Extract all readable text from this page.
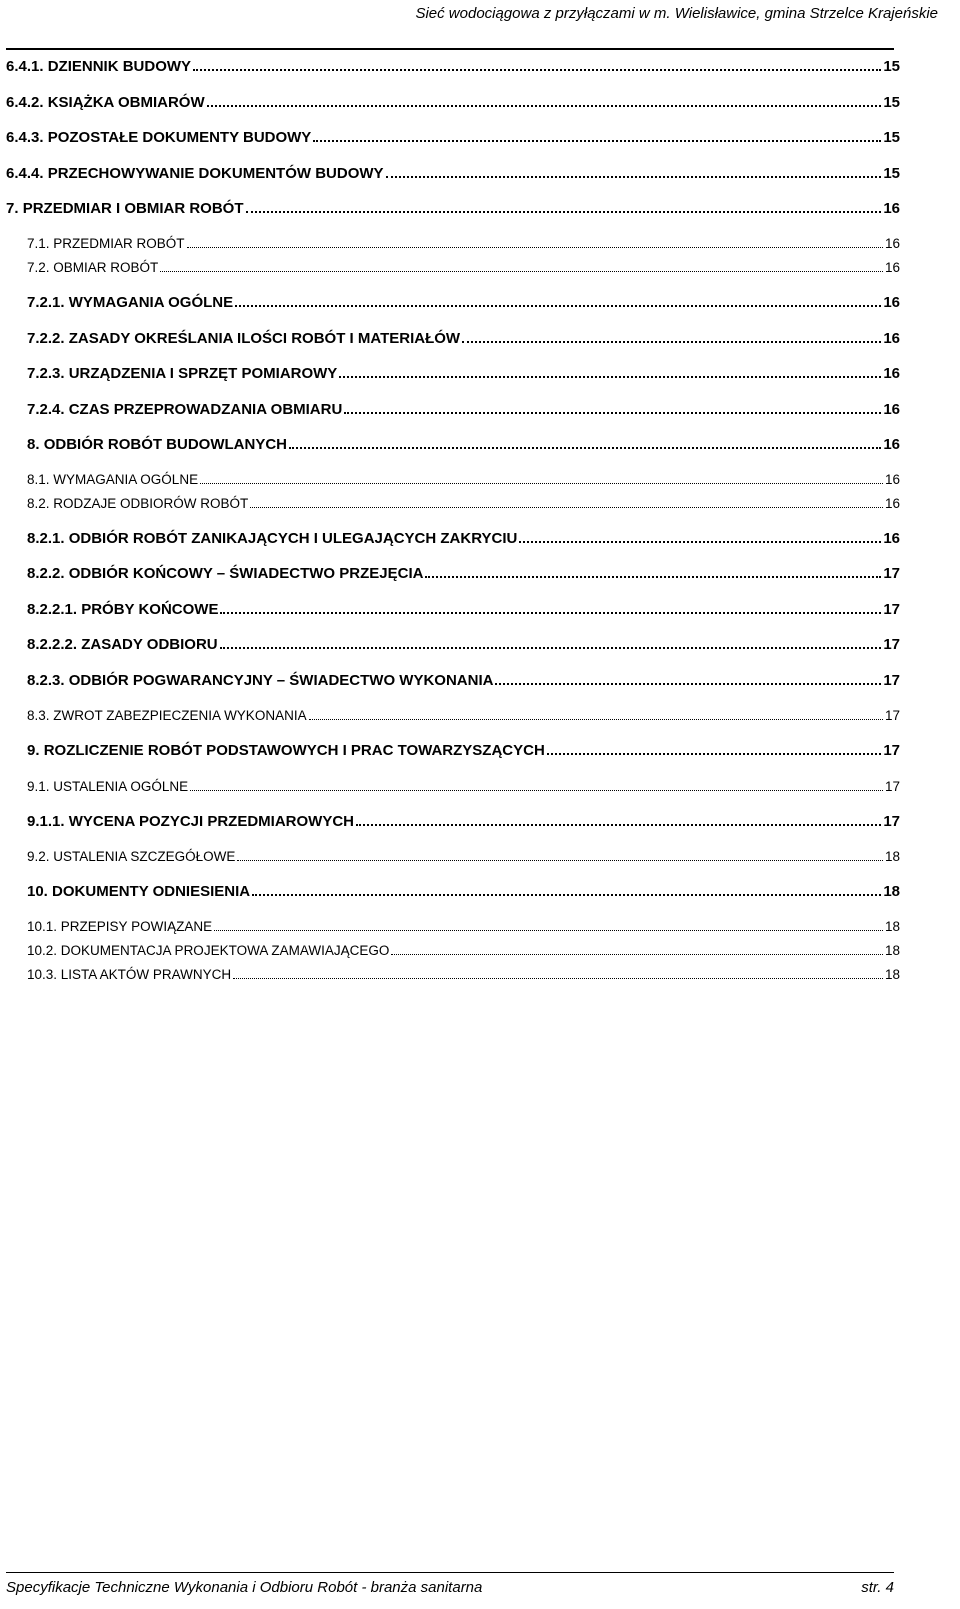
Sieć wodociągowa z przyłączami w m. Wielisławice, gmina Strzelce Krajeńskie
6.4.1. DZIENNIK BUDOWY	15
6.4.2. KSIĄŻKA OBMIARÓW	15
6.4.3. POZOSTAŁE DOKUMENTY BUDOWY	15
6.4.4. PRZECHOWYWANIE DOKUMENTÓW BUDOWY	15
7. PRZEDMIAR I OBMIAR ROBÓT	16
7.1. PRZEDMIAR ROBÓT	16
7.2. OBMIAR ROBÓT	16
7.2.1. WYMAGANIA OGÓLNE	16
7.2.2. ZASADY OKREŚLANIA ILOŚCI ROBÓT I MATERIAŁÓW	16
7.2.3. URZĄDZENIA I SPRZĘT POMIAROWY	16
7.2.4. CZAS PRZEPROWADZANIA OBMIARU	16
8. ODBIÓR ROBÓT BUDOWLANYCH	16
8.1. WYMAGANIA OGÓLNE	16
8.2. RODZAJE ODBIORÓW ROBÓT	16
8.2.1. ODBIÓR ROBÓT ZANIKAJĄCYCH I ULEGAJĄCYCH ZAKRYCIU	16
8.2.2. ODBIÓR KOŃCOWY – ŚWIADECTWO PRZEJĘCIA	17
8.2.2.1. PRÓBY KOŃCOWE	17
8.2.2.2. ZASADY ODBIORU	17
8.2.3. ODBIÓR POGWARANCYJNY – ŚWIADECTWO WYKONANIA	17
8.3. ZWROT ZABEZPIECZENIA WYKONANIA	17
9. ROZLICZENIE ROBÓT PODSTAWOWYCH I PRAC TOWARZYSZĄCYCH	17
9.1. USTALENIA OGÓLNE	17
9.1.1. WYCENA POZYCJI PRZEDMIAROWYCH	17
9.2. USTALENIA SZCZEGÓŁOWE	18
10. DOKUMENTY ODNIESIENIA	18
10.1. PRZEPISY POWIĄZANE	18
10.2. DOKUMENTACJA PROJEKTOWA ZAMAWIAJĄCEGO	18
10.3. LISTA AKTÓW PRAWNYCH	18
Specyfikacje Techniczne Wykonania i Odbioru Robót - branża sanitarna	str. 4
